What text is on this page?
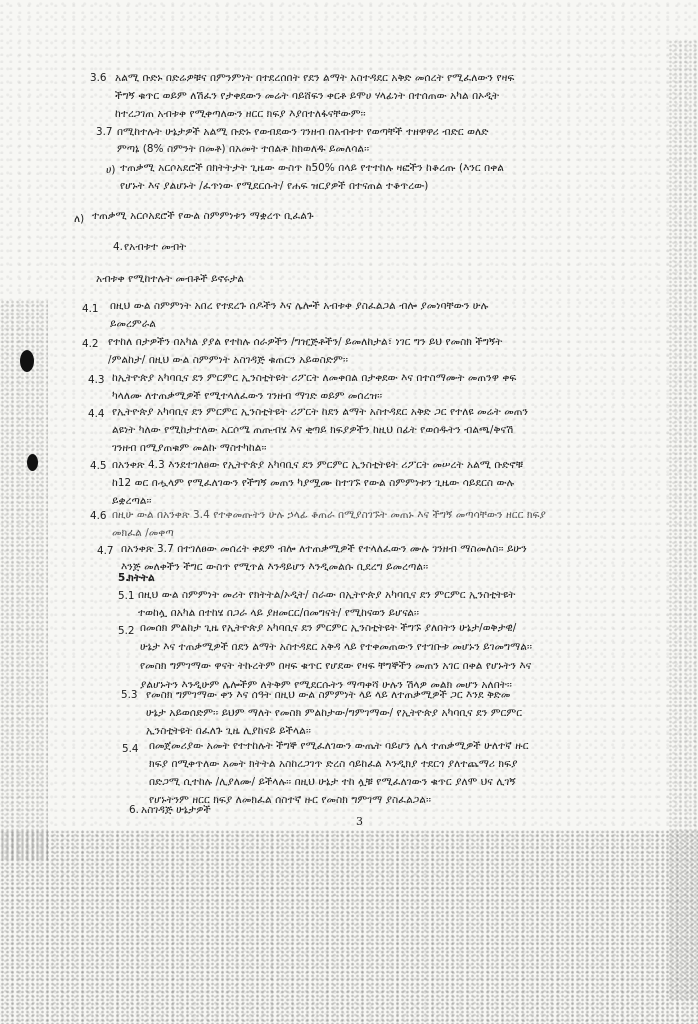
3.6 አልሚ ቡድኑ በድሬዎቹና በምንምነት በተደረሰበት የደን ልማት አስተዳደር አቅድ መሰረት የሚፈለውን የዛፍ
ችግኝ ቁጥር ወይም ለሽፈን የታቀደውን መሬት ባይሸፍን ቀርቶ ይሞሀ ሃላፊነት በተሰጠው አካል በኦዲት
ከተረጋገጠ አብቱቀ የሚቀጣለውን ዘርር ክፍያ እያበተለፋናቸውም፡፡
3.7 በሚከተሉት ሁኔታዎች አልሚ ቡድኑ የወብደውን ገንዘብ በአብቱተ የወጣቸች ተዘዋዋሪ ብድር ወለድ
ምጣኔ (8% ስምንት በመቶ) በአመት ተበልቶ ከክወለዱ ይመለሳል፡፡
ሀ) ተጠቃሚ አርሶአደሮች በክትትታት ጊዜው ውስጥ ከ50% በላይ የተተከሉ ዛፎችን ከቆረጡ (እንር በቀል
የሆኑት እና ያልሆኑት /ፈጥነው የሚደርሱት/ የሐፍ ዝርያዎች በተናጠል ተቆጥረው)
ለ) ተጠቃሚ አርሶአደሮች የውል ስምምነቱን ማቋረጥ ቢፈልጉ
4. የአብቱተ መብት
አብቱቀ የሚከተሉት መብቶች ይኖሩታል
4.1 በዚህ ውል ስምምነት አበረ የተደረጉ ሰዶችን እና ሌሎች አብቱቀ ያስፈልጋል ብሎ ያመነባቸውን ሁሉ
ይመረምራል
4.2 የተከለ በታዎችን በአካል ያያል የተከሉ ሰራዎችን /ግዢጅቶችን/ ይመለከታል፣ ነገር ግን ይህ የመስክ ችግኝት
/ምልከታ/ በዚህ ውል ስምምነት አስገዳጅ ቁጠርን አይወስድም፡፡
4.3 ከኢትዮጵያ አካባቢና ደን ምርምር ኢንስቲትዩት ሪፖርት ለመቀበል በታቀደው እና በተስማሙት መጠንዋ ቀፍ
ካላለሙ ለተጠቃሚዎች የሚተላለፈውን ገንዘብ ማገድ ወይም መሰረዝ፡፡
4.4 የኢትዮጵያ አካባቢና ደን ምርምር ኢንስቲትዩት ሪፖርት ከደን ልማት አስተዳደር አቅድ ጋር የተለዩ መሬት መጠን
ልዩነት ካለው የሚከታተለው አርሶሜ ጠጡብሄ እና ቂጣይ ክፍያዎችን ከዚህ በፊት የወሰዱትን ብልጫ/ቅናሽ
ገንዘብ በሚያጠቁም መልኩ ማስተካከል፡፡
4.5 በአንቀጽ 4.3 እንደተገለፀው የኢትዮጵያ አካባቢና ደን ምርምር ኢንስቲትዩት ሪፖርት መሠረት አልሚ ቡድኖቹ
ከ12 ወር በሗላም የሚፈለገውን የችግኝ መጠን ካያሟሙ ከተገኙ የውል ስምምነቱን ጊዜው ሳይደርስ ውሉ
ይቋረጣል፡፡
4.6 በዚሁ ውል በአንቀጽ 3.4 የተቀመጡትን ሁሉ ኃላፊ ቆጠራ በሚያስገኙት መጠኑ እና ችግኝ መጣሳቸውን ዘርር ክፍያ
መክፈል /መቀጣ
4.7 በአንቀጽ 3.7 በተገለፀው መሰረት ቀደም ብሎ ለተጠቃሚዎች የተላለፈውን ሙሉ ገንዘብ ማስመለስ፡፡ ይሁን
እንጅ መለቀችን ችግር ውስጥ የሚጥል እንዳይሆን እንዲመልሱ ቢደረግ ይመረጣል፡፡
5.
ክትትል
5.1 በዚህ ውል ስምምነት መሪት የክትትል/ኦዲት/ ስራው በኢትዮጵያ አካባቢና ደን ምርምር ኢንስቲትዩት
ተወከሏ በአካል በተከሄ በጋራ ላይ ያዘመርር/በመግናት/ የሚከናወን ይሆናል፡፡
5.2 በመሰክ ምልከታ ጊዜ የኢትዮጵያ አካባቢና ደን ምርምር ኢንስቲትዩት ችግኙ ያለበትን ሁኔታ/ወቅታዊ/
ሁኔታ እና ተጠቃሚዎች በደን ልማት አስተዳደር አቅዳ ላይ የተቀመጠውን የተገቡቱ መሆኑን ይገመግማል፡፡
የመስክ ግምገማው ዋናት ትኩረትም በዛፍ ቁጥር የሆደው የዛፍ ቸግኞችን መጠን አገር በቀል የሆኑትን እና
ያልሆኑትን እንዲሁም ሌሎችም ለትቅም የሚደርሱትን ማጣቀሻ ሁሉን ሽላዎ መልክ መሆን አለበት፡፡
5.3 የመስክ ግምገማው ቀን እና ሰዓት በዚህ ውል ስምምነት ላይ ላይ ለተጠቃሚዎች ጋር እንደ ቅድመ
ሁኔታ አይወሰድም፡፡ ይህም ማለት የመስክ ምልከታው/ግምገማው/ የኢትዮጵያ አካባቢና ደን ምርምር
ኢንስቲትዩት በፈለጉ ጊዜ ሊያከናይ ይችላል፡፡
5.4 በመጀመሪያው አመት የተተከሉት ችግኞ የሚፈለገውን ውጤት ባይሆን ሌላ ተጠቃሚዎች ሁለተኛ ዙር
ክፍያ በሚቀጥለው አመት ክትትል አስከረጋገጥ ድረስ ሳይከፈል እንዲክያ ተደርጎ ያለተጨማሪ ክፍያ
በድጋሚ ሲተከሉ /ሊያለሙ/ ይችላሉ፡፡ በዚህ ሁኔታ ተከ ሏቹ የሚፈለገውን ቁጥር ያለሞ ህና ሊገኝ
የሆኑትንም ዘርር ክፍያ ለመክፈል ሰስተኛ ዙር የመስክ ግምገማ ያስፈልጋል፡፡
6. አስገዳጅ ሁኔታዎች
3
